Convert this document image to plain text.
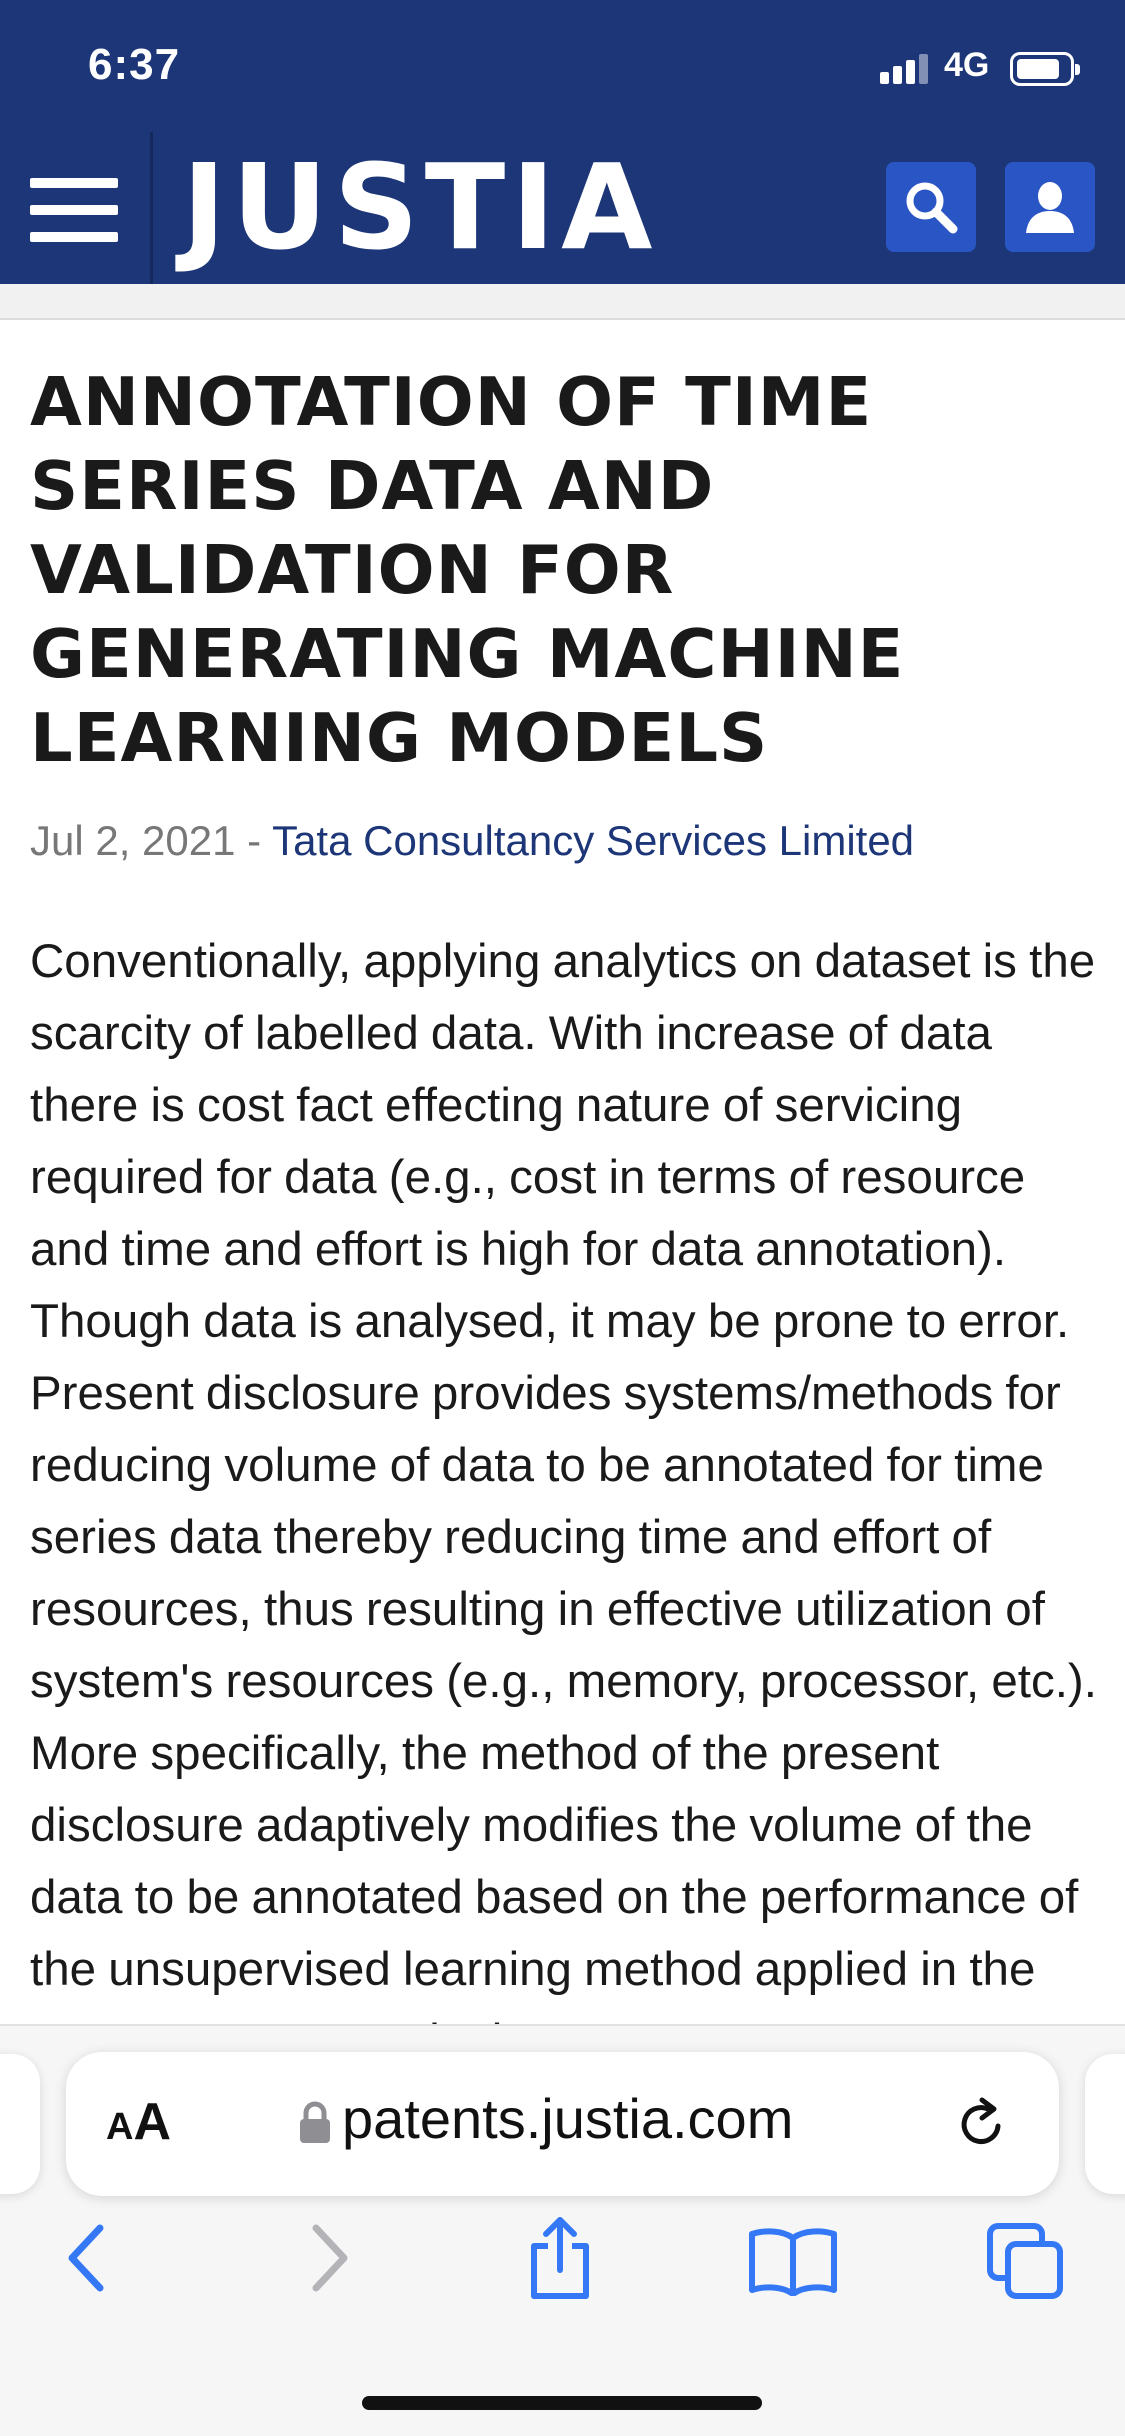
6:37	4G
JUSTIA
ANNOTATION OF TIME SERIES DATA AND VALIDATION FOR GENERATING MACHINE LEARNING MODELS
Jul 2, 2021 - Tata Consultancy Services Limited

Conventionally, applying analytics on dataset is the scarcity of labelled data. With increase of data there is cost fact effecting nature of servicing required for data (e.g., cost in terms of resource and time and effort is high for data annotation). Though data is analysed, it may be prone to error. Present disclosure provides systems/methods for reducing volume of data to be annotated for time series data thereby reducing time and effort of resources, thus resulting in effective utilization of system's resources (e.g., memory, processor, etc.). More specifically, the method of the present disclosure adaptively modifies the volume of the data to be annotated based on the performance of the unsupervised learning method applied in the

AA	patents.justia.com
